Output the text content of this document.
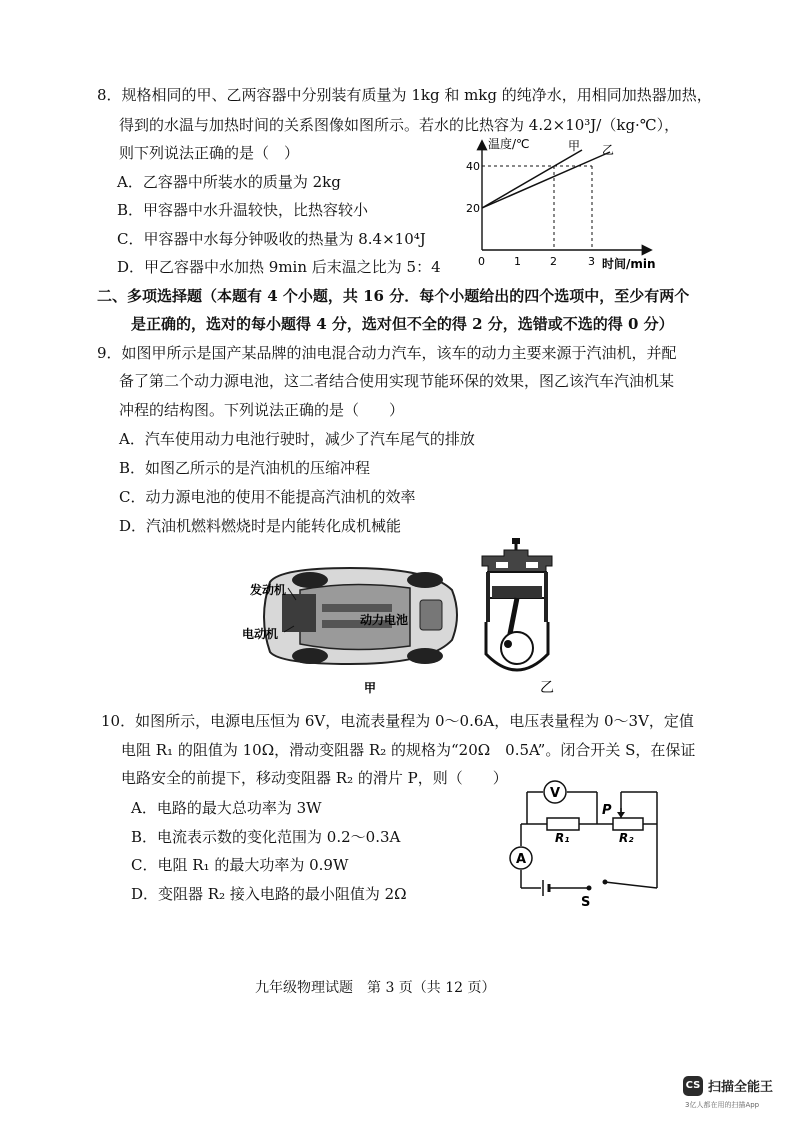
8．规格相同的甲、乙两容器中分别装有质量为 1kg 和 mkg 的纯净水，用相同加热器加热，
得到的水温与加热时间的关系图像如图所示。若水的比热容为 4.2×10³J/（kg·℃），
则下列说法正确的是（　）
A．乙容器中所装水的质量为 2kg
B．甲容器中水升温较快，比热容较小
C．甲容器中水每分钟吸收的热量为 8.4×10⁴J
D．甲乙容器中水加热 9min 后末温之比为 5：4
温度/℃
20
40
0	1	2	3 时间/min
甲 乙
二、多项选择题（本题有 4 个小题，共 16 分．每个小题给出的四个选项中，至少有两个
是正确的，选对的每小题得 4 分，选对但不全的得 2 分，选错或不选的得 0 分）
9．如图甲所示是国产某品牌的油电混合动力汽车，该车的动力主要来源于汽油机，并配
备了第二个动力源电池，这二者结合使用实现节能环保的效果，图乙该汽车汽油机某
冲程的结构图。下列说法正确的是（　　）
A．汽车使用动力电池行驶时，减少了汽车尾气的排放
B．如图乙所示的是汽油机的压缩冲程
C．动力源电池的使用不能提高汽油机的效率
D．汽油机燃料燃烧时是内能转化成机械能
发动机
动力电池
电动机
甲	乙
10．如图所示，电源电压恒为 6V，电流表量程为 0～0.6A，电压表量程为 0～3V，定值
电阻 R₁ 的阻值为 10Ω，滑动变阻器 R₂ 的规格为“20Ω　0.5A”。闭合开关 S，在保证
电路安全的前提下，移动变阻器 R₂ 的滑片 P，则（　　）
A．电路的最大总功率为 3W
B．电流表示数的变化范围为 0.2～0.3A
C．电阻 R₁ 的最大功率为 0.9W
D．变阻器 R₂ 接入电路的最小阻值为 2Ω
V
A
R₁	R₂
P
S
九年级物理试题　第 3 页（共 12 页）
CS 扫描全能王
3亿人都在用的扫描App
